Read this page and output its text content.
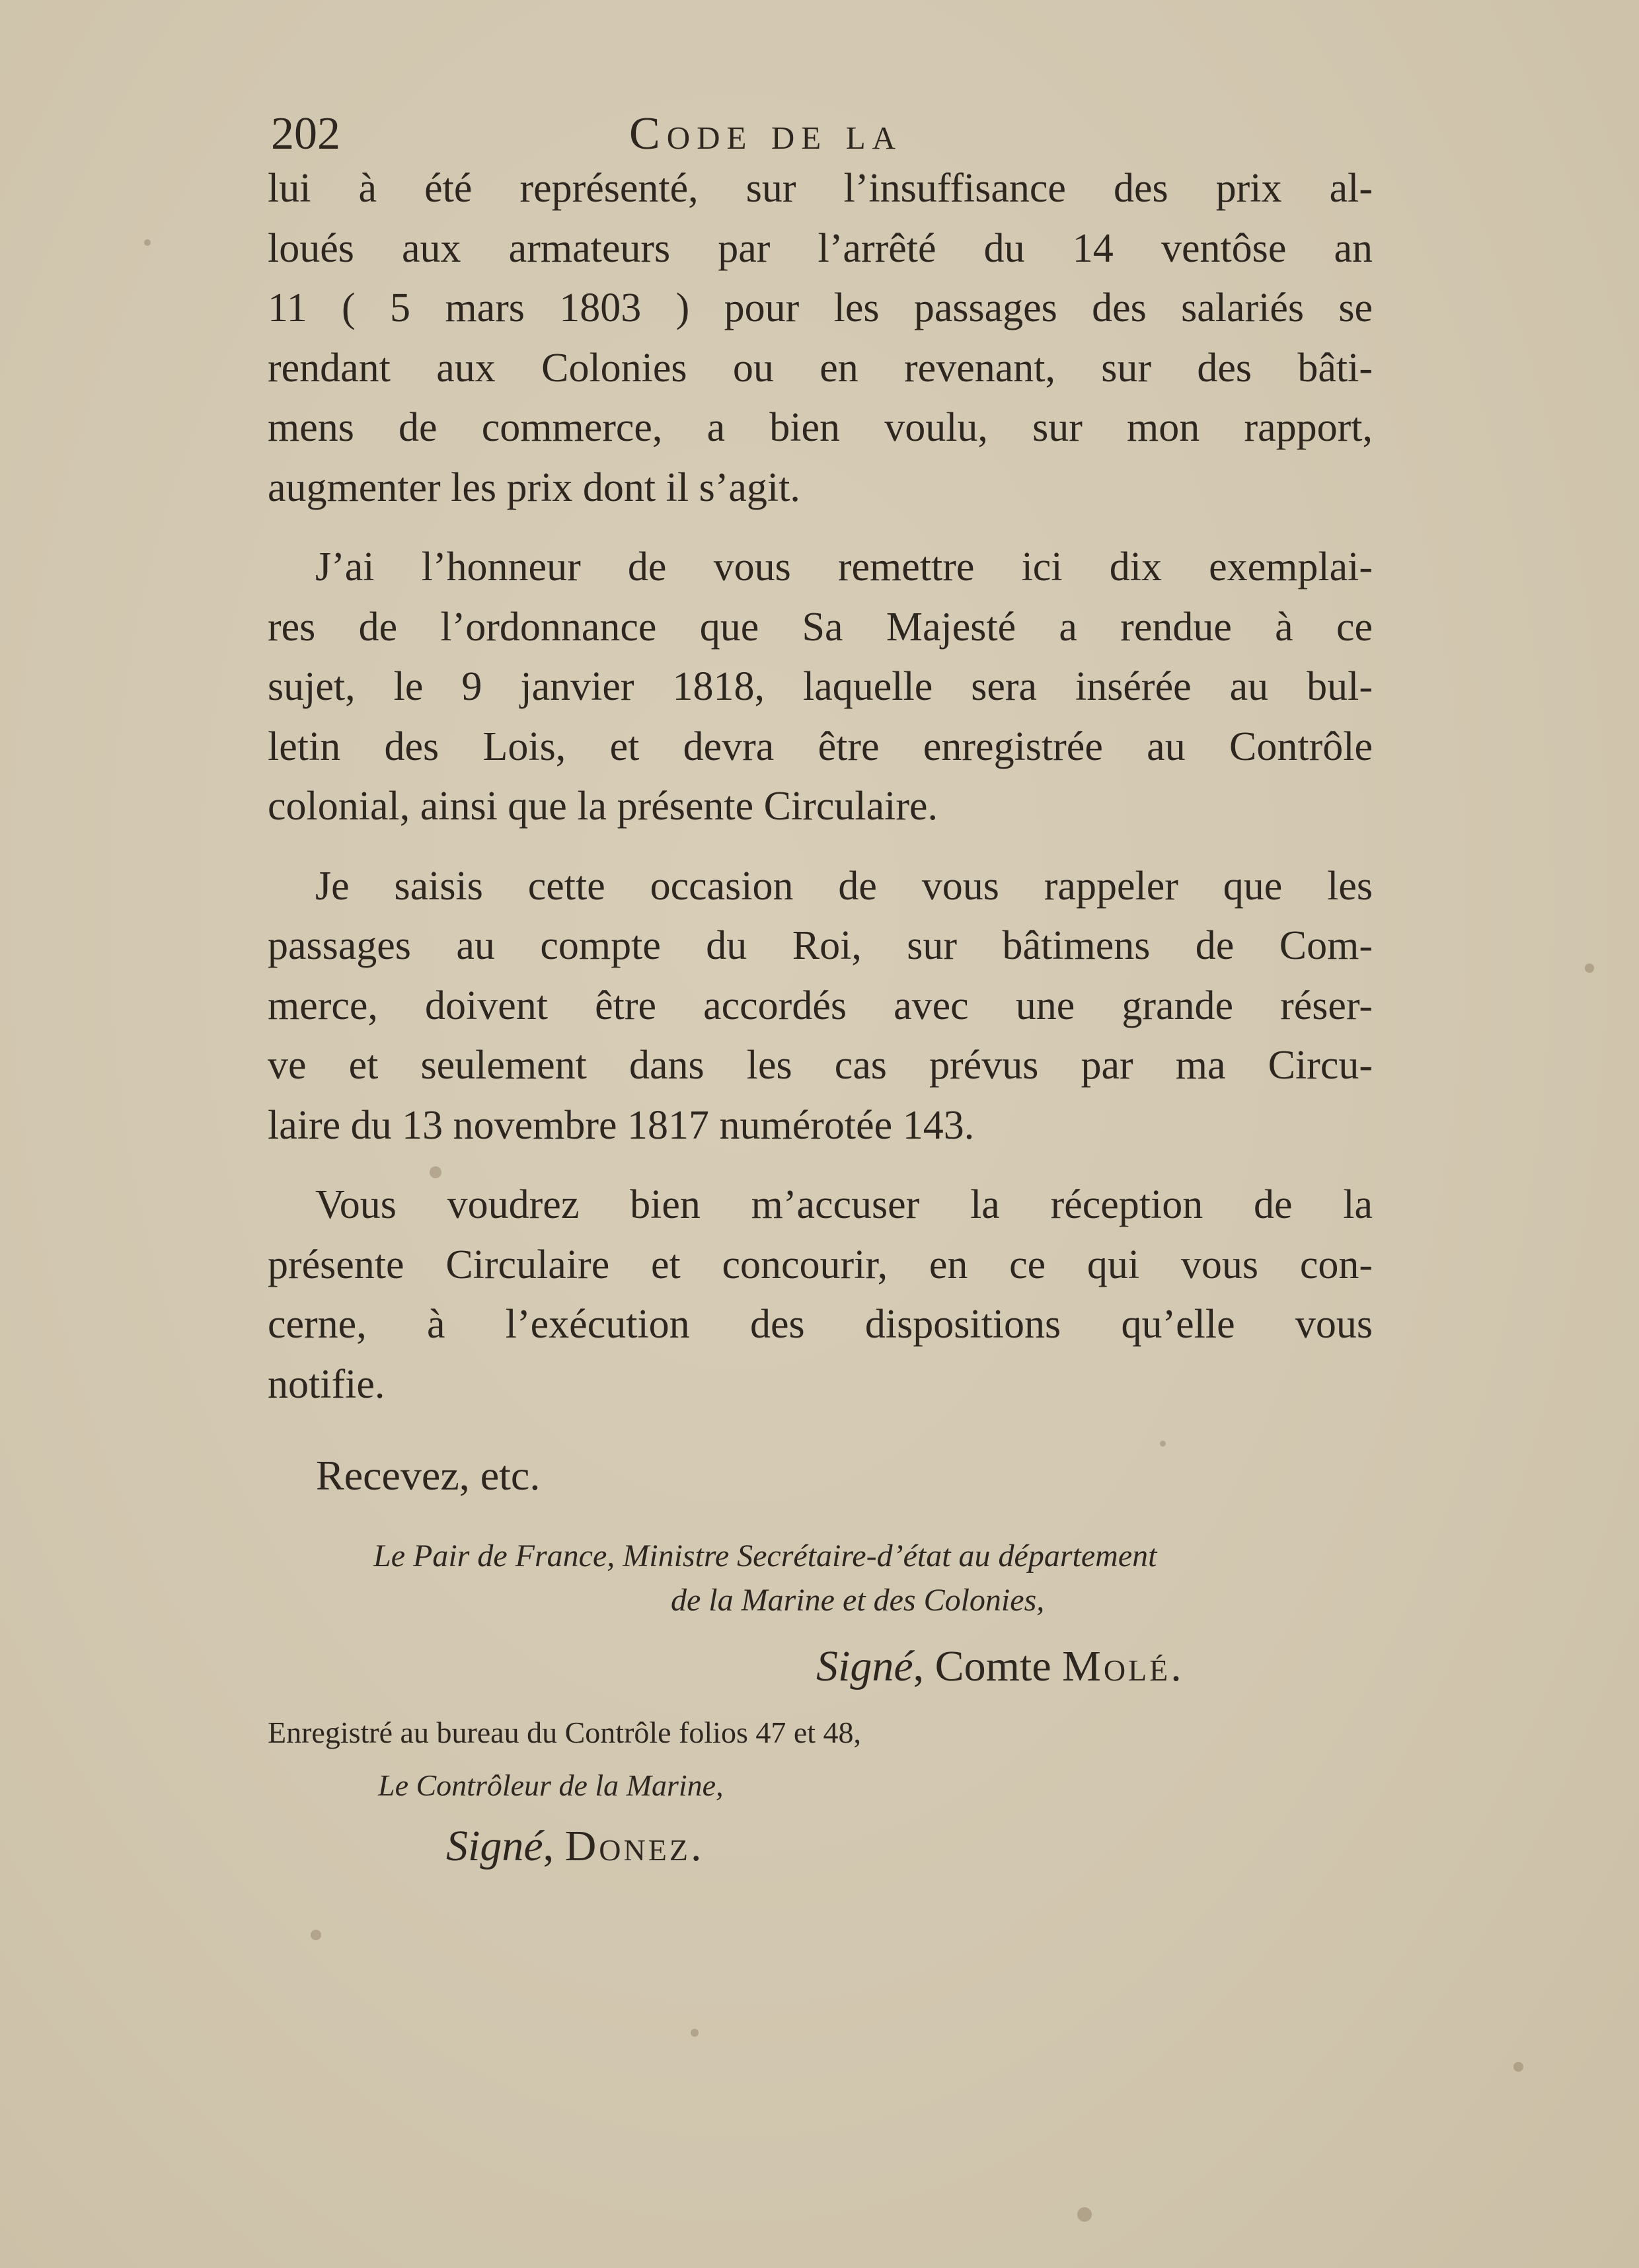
202	Code de la
lui à été représenté, sur l’insuffisance des prix al-
loués aux armateurs par l’arrêté du 14 ventôse an
11 ( 5 mars 1803 ) pour les passages des salariés se
rendant aux Colonies ou en revenant, sur des bâti-
mens de commerce, a bien voulu, sur mon rapport,
augmenter les prix dont il s’agit.
J’ai l’honneur de vous remettre ici dix exemplai-
res de l’ordonnance que Sa Majesté a rendue à ce
sujet, le 9 janvier 1818, laquelle sera insérée au bul-
letin des Lois, et devra être enregistrée au Contrôle
colonial, ainsi que la présente Circulaire.
Je saisis cette occasion de vous rappeler que les
passages au compte du Roi, sur bâtimens de Com-
merce, doivent être accordés avec une grande réser-
ve et seulement dans les cas prévus par ma Circu-
laire du 13 novembre 1817 numérotée 143.
Vous voudrez bien m’accuser la réception de la
présente Circulaire et concourir, en ce qui vous con-
cerne, à l’exécution des dispositions qu’elle vous
notifie.
Recevez, etc.
Le Pair de France, Ministre Secrétaire-d’état au département
de la Marine et des Colonies,
Signé, Comte Molé.
Enregistré au bureau du Contrôle folios 47 et 48,
Le Contrôleur de la Marine,
Signé, Donez.
